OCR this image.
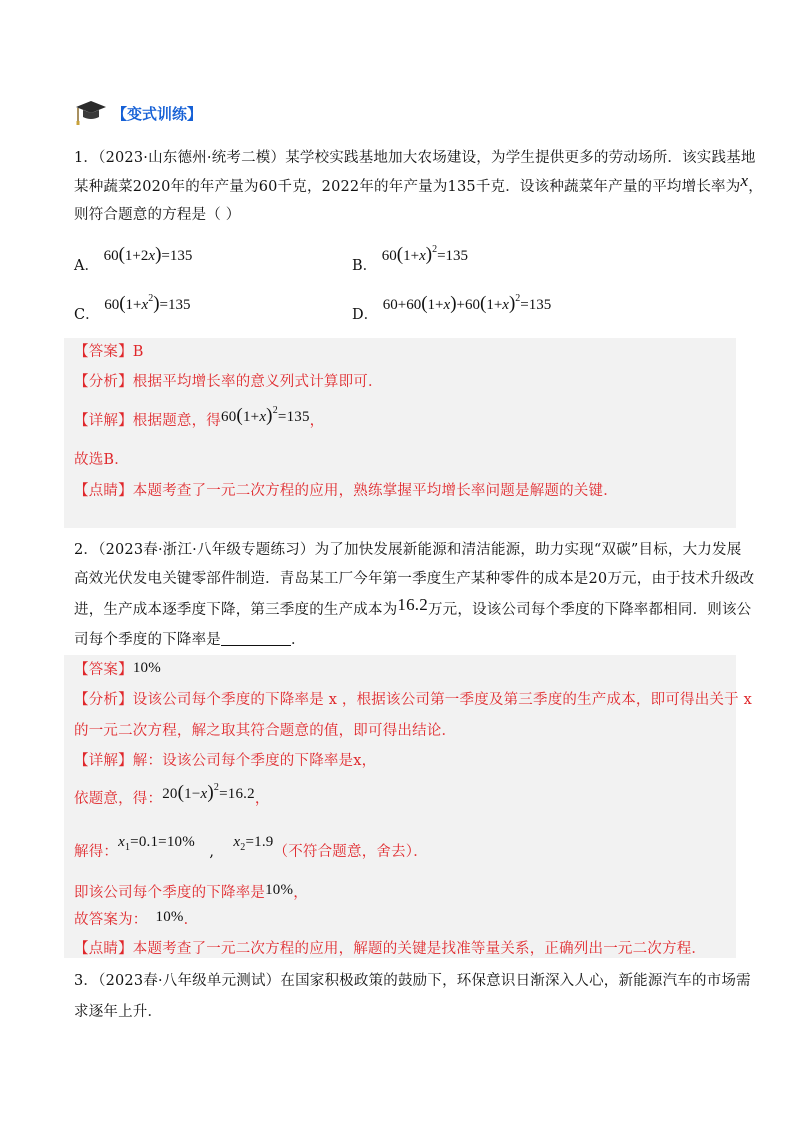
【变式训练】
1．（2023·山东德州·统考二模）某学校实践基地加大农场建设，为学生提供更多的劳动场所．该实践基地
某种蔬菜2020年的年产量为60千克，2022年的年产量为135千克．设该种蔬菜年产量的平均增长率为x，
则符合题意的方程是（ ）
A． 60(1+2x)=135
B． $60(1+x)^2=135$
C． $60(1+x^2)=135$
D． $60+60(1+x)+60(1+x)^2=135$
【答案】B
【分析】根据平均增长率的意义列式计算即可．
【详解】根据题意，得$60(1+x)^2=135$，
故选B．
【点睛】本题考查了一元二次方程的应用，熟练掌握平均增长率问题是解题的关键．
2．（2023春·浙江·八年级专题练习）为了加快发展新能源和清洁能源，助力实现“双碳”目标，大力发展
高效光伏发电关键零部件制造．青岛某工厂今年第一季度生产某种零件的成本是20万元，由于技术升级改
进，生产成本逐季度下降，第三季度的生产成本为16.2万元，设该公司每个季度的下降率都相同．则该公
司每个季度的下降率是	．
【答案】10%
【分析】设该公司每个季度的下降率是 x ，根据该公司第一季度及第三季度的生产成本，即可得出关于 x
的一元二次方程，解之取其符合题意的值，即可得出结论．
【详解】解：设该公司每个季度的下降率是x，
依题意，得：$20(1-x)^2=16.2$，
解得：$x_1=0.1=10\%$   ,    $x_2=1.9$（不符合题意，舍去）．
即该公司每个季度的下降率是10%，
故答案为： 10%．
【点睛】本题考查了一元二次方程的应用，解题的关键是找准等量关系，正确列出一元二次方程．
3．（2023春·八年级单元测试）在国家积极政策的鼓励下，环保意识日渐深入人心，新能源汽车的市场需
求逐年上升．
